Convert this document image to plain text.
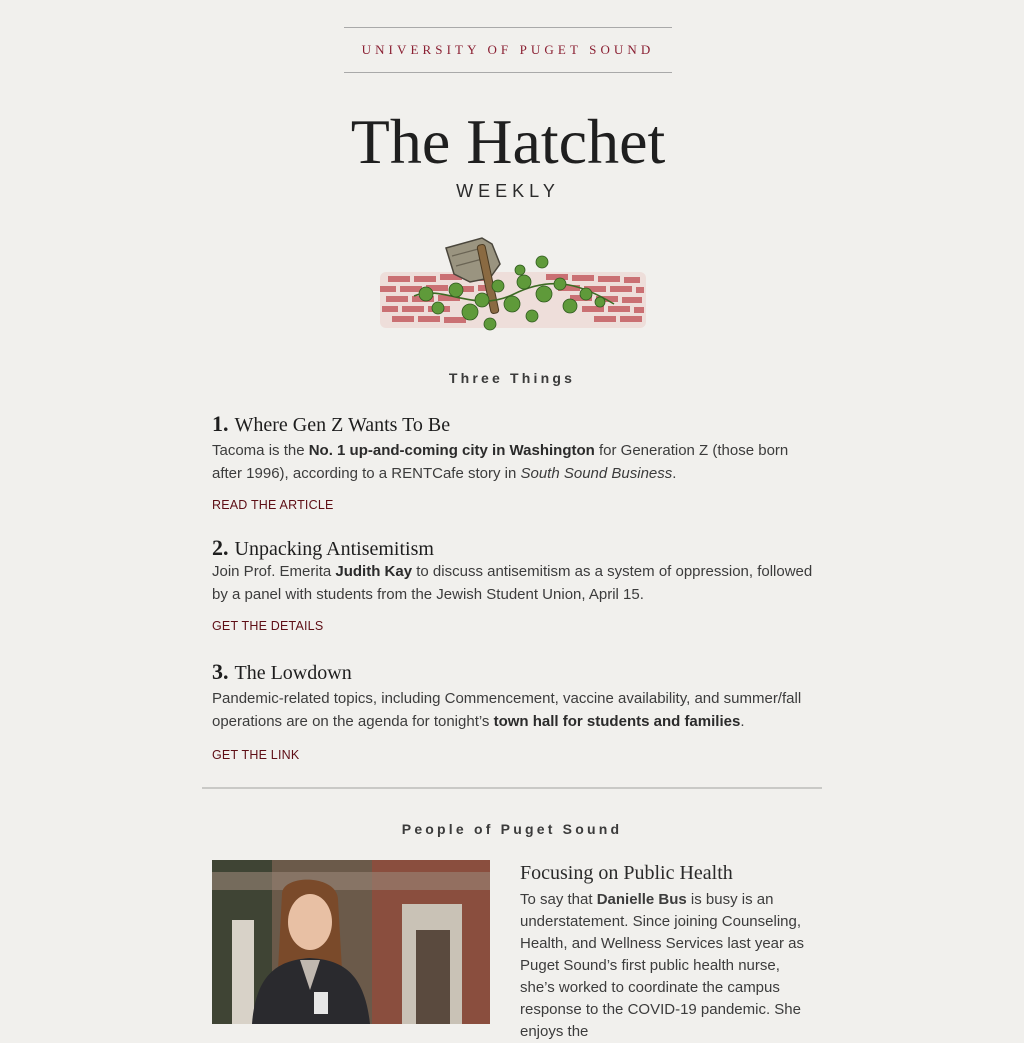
UNIVERSITY OF PUGET SOUND
The Hatchet
WEEKLY
Three Things
1. Where Gen Z Wants To Be
Tacoma is the No. 1 up-and-coming city in Washington for Generation Z (those born after 1996), according to a RENTCafe story in South Sound Business.
READ THE ARTICLE
2. Unpacking Antisemitism
Join Prof. Emerita Judith Kay to discuss antisemitism as a system of oppression, followed by a panel with students from the Jewish Student Union, April 15.
GET THE DETAILS
3. The Lowdown
Pandemic-related topics, including Commencement, vaccine availability, and summer/fall operations are on the agenda for tonight’s town hall for students and families.
GET THE LINK
People of Puget Sound
Focusing on Public Health
To say that Danielle Bus is busy is an understatement. Since joining Counseling, Health, and Wellness Services last year as Puget Sound’s first public health nurse, she’s worked to coordinate the campus response to the COVID-19 pandemic. She enjoys the
